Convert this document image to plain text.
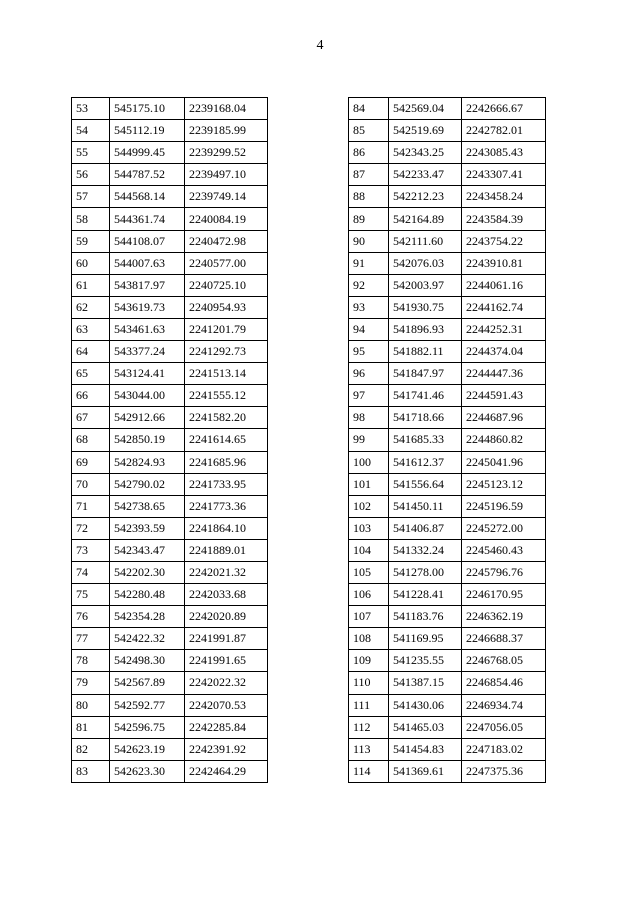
4
53	545175.10	2239168.04
54	545112.19	2239185.99
55	544999.45	2239299.52
56	544787.52	2239497.10
57	544568.14	2239749.14
58	544361.74	2240084.19
59	544108.07	2240472.98
60	544007.63	2240577.00
61	543817.97	2240725.10
62	543619.73	2240954.93
63	543461.63	2241201.79
64	543377.24	2241292.73
65	543124.41	2241513.14
66	543044.00	2241555.12
67	542912.66	2241582.20
68	542850.19	2241614.65
69	542824.93	2241685.96
70	542790.02	2241733.95
71	542738.65	2241773.36
72	542393.59	2241864.10
73	542343.47	2241889.01
74	542202.30	2242021.32
75	542280.48	2242033.68
76	542354.28	2242020.89
77	542422.32	2241991.87
78	542498.30	2241991.65
79	542567.89	2242022.32
80	542592.77	2242070.53
81	542596.75	2242285.84
82	542623.19	2242391.92
83	542623.30	2242464.29
84	542569.04	2242666.67
85	542519.69	2242782.01
86	542343.25	2243085.43
87	542233.47	2243307.41
88	542212.23	2243458.24
89	542164.89	2243584.39
90	542111.60	2243754.22
91	542076.03	2243910.81
92	542003.97	2244061.16
93	541930.75	2244162.74
94	541896.93	2244252.31
95	541882.11	2244374.04
96	541847.97	2244447.36
97	541741.46	2244591.43
98	541718.66	2244687.96
99	541685.33	2244860.82
100	541612.37	2245041.96
101	541556.64	2245123.12
102	541450.11	2245196.59
103	541406.87	2245272.00
104	541332.24	2245460.43
105	541278.00	2245796.76
106	541228.41	2246170.95
107	541183.76	2246362.19
108	541169.95	2246688.37
109	541235.55	2246768.05
110	541387.15	2246854.46
111	541430.06	2246934.74
112	541465.03	2247056.05
113	541454.83	2247183.02
114	541369.61	2247375.36
